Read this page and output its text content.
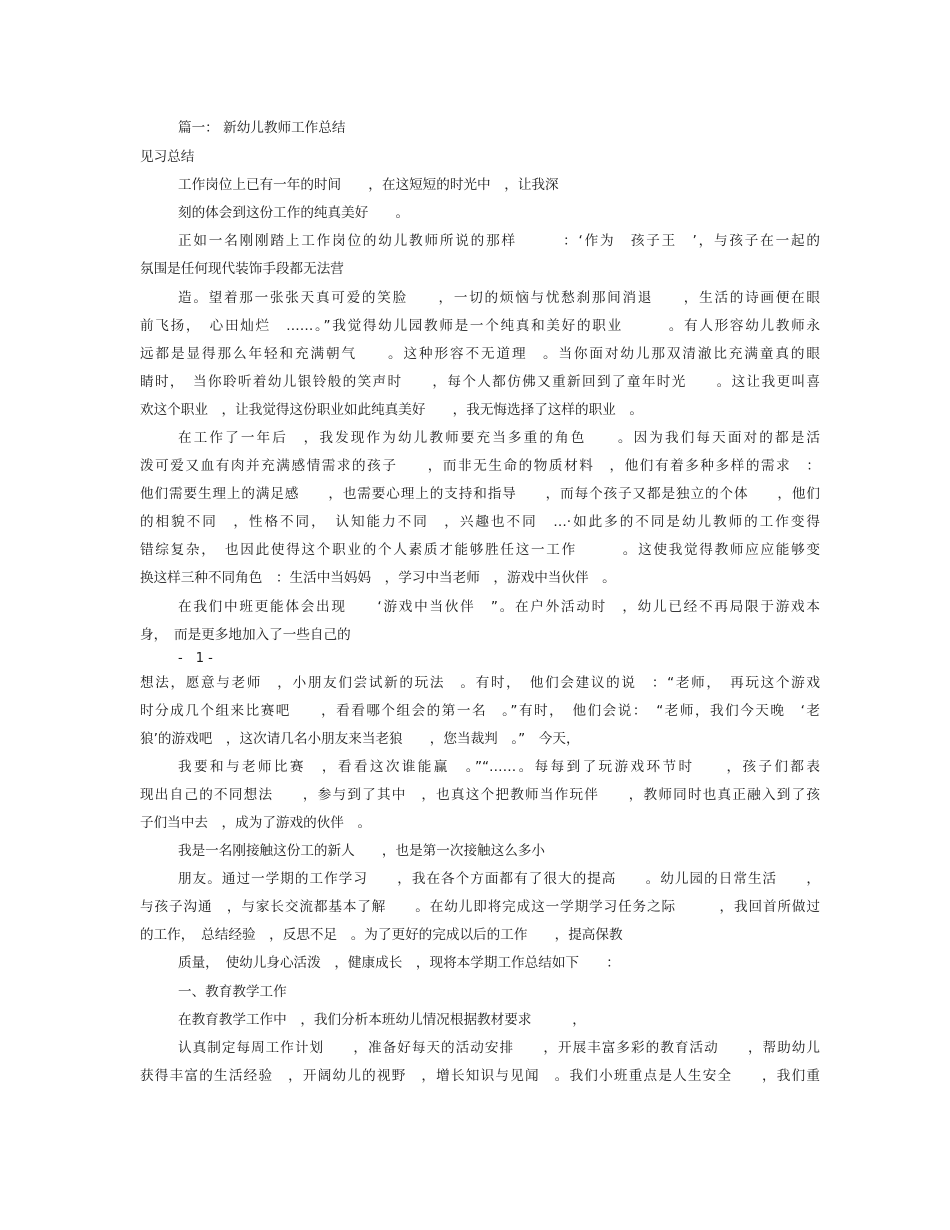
篇一： 新幼儿教师工作总结
见习总结
工作岗位上已有一年的时间　　，在这短短的时光中　，让我深
刻的体会到这份工作的纯真美好　　。
正如一名刚刚踏上工作岗位的幼儿教师所说的那样　　　：‘作为　孩子王　’，与孩子在一起的
氛围是任何现代装饰手段都无法营
造。望着那一张张天真可爱的笑脸　　，一切的烦恼与忧愁刹那间消退　　，生活的诗画便在眼
前飞扬，　心田灿烂　……。”我觉得幼儿园教师是一个纯真和美好的职业　　　。有人形容幼儿教师永
远都是显得那么年轻和充满朝气　　。这种形容不无道理　。当你面对幼儿那双清澈比充满童真的眼
睛时，　当你聆听着幼儿银铃般的笑声时　　，每个人都仿佛又重新回到了童年时光　　。这让我更叫喜
欢这个职业　，让我觉得这份职业如此纯真美好　　，我无悔选择了这样的职业　。
在工作了一年后　，我发现作为幼儿教师要充当多重的角色　　。因为我们每天面对的都是活
泼可爱又血有肉并充满感情需求的孩子　　，而非无生命的物质材料　，他们有着多种多样的需求　：
他们需要生理上的满足感　　，也需要心理上的支持和指导　　，而每个孩子又都是独立的个体　　，他们
的相貌不同　，性格不同，　认知能力不同　，兴趣也不同　…·如此多的不同是幼儿教师的工作变得
错综复杂，　也因此使得这个职业的个人素质才能够胜任这一工作　　　。这使我觉得教师应应能够变
换这样三种不同角色　：生活中当妈妈　，学习中当老师　，游戏中当伙伴　。
在我们中班更能体会出现　　‘游戏中当伙伴　”。在户外活动时　，幼儿已经不再局限于游戏本
身，　而是更多地加入了一些自己的
-　1 -
想法，愿意与老师　，小朋友们尝试新的玩法　。有时，　他们会建议的说　：“老师，　再玩这个游戏
时分成几个组来比赛吧　　，看看哪个组会的第一名　。”有时，　他们会说：　“老师，我们今天晚　‘老
狼’的游戏吧　，这次请几名小朋友来当老狼　　，您当裁判　。”　今天，
我要和与老师比赛　，看看这次谁能赢　。”“……。每每到了玩游戏环节时　　，孩子们都表
现出自己的不同想法　　，参与到了其中　，也真这个把教师当作玩伴　　，教师同时也真正融入到了孩
子们当中去　，成为了游戏的伙伴　。
我是一名刚接触这份工的新人　　，也是第一次接触这么多小
朋友。通过一学期的工作学习　　，我在各个方面都有了很大的提高　　。幼儿园的日常生活　　，
与孩子沟通　，与家长交流都基本了解　　。在幼儿即将完成这一学期学习任务之际　　　，我回首所做过
的工作，　总结经验　，反思不足　。为了更好的完成以后的工作　　，提高保教
质量，　使幼儿身心活泼　，健康成长　，现将本学期工作总结如下　　：
一、教育教学工作
在教育教学工作中　，我们分析本班幼儿情况根据教材要求　　　，
认真制定每周工作计划　　，准备好每天的活动安排　　，开展丰富多彩的教育活动　　，帮助幼儿
获得丰富的生活经验　，开阔幼儿的视野　，增长知识与见闻　。我们小班重点是人生安全　　，我们重
